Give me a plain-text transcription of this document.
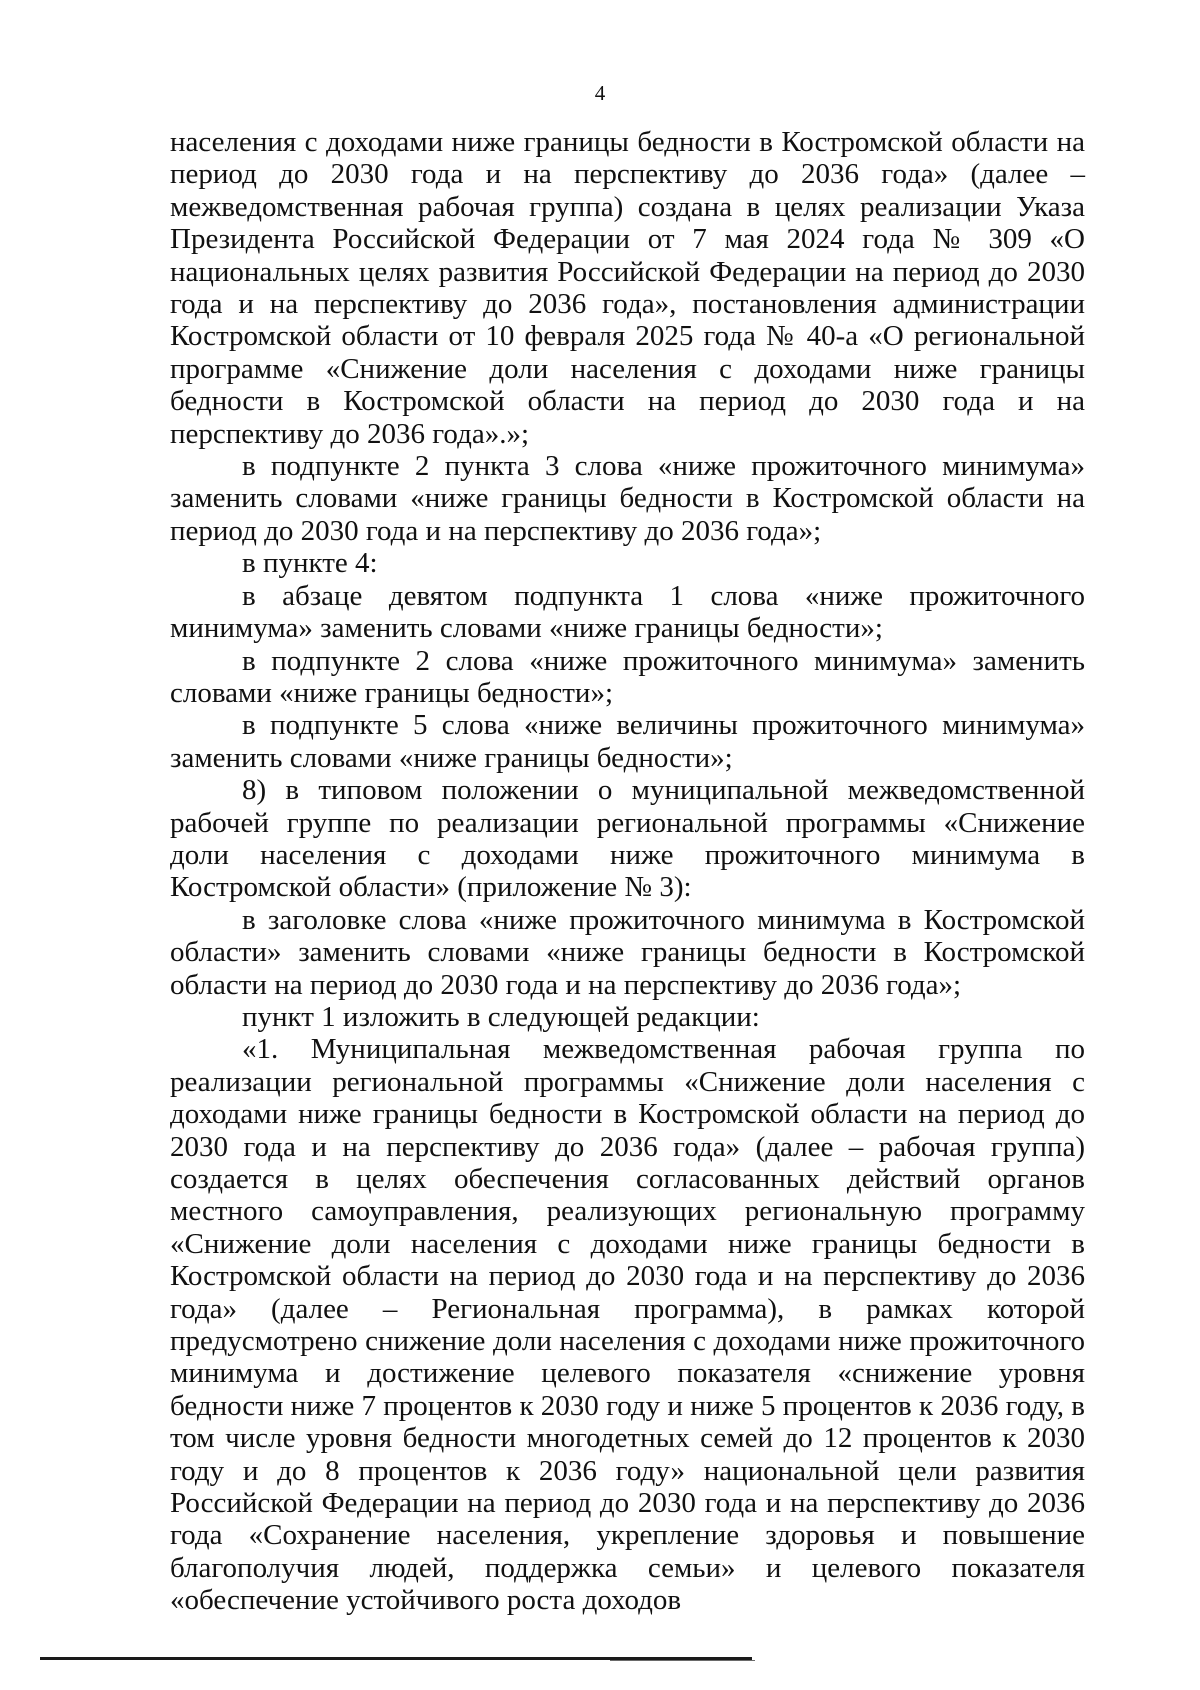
4

населения с доходами ниже границы бедности в Костромской области на период до 2030 года и на перспективу до 2036 года» (далее – межведомственная рабочая группа) создана в целях реализации Указа Президента Российской Федерации от 7 мая 2024 года № 309 «О национальных целях развития Российской Федерации на период до 2030 года и на перспективу до 2036 года», постановления администрации Костромской области от 10 февраля 2025 года № 40-а «О региональной программе «Снижение доли населения с доходами ниже границы бедности в Костромской области на период до 2030 года и на перспективу до 2036 года».»;

в подпункте 2 пункта 3 слова «ниже прожиточного минимума» заменить словами «ниже границы бедности в Костромской области на период до 2030 года и на перспективу до 2036 года»;

в пункте 4:

в абзаце девятом подпункта 1 слова «ниже прожиточного минимума» заменить словами «ниже границы бедности»;

в подпункте 2 слова «ниже прожиточного минимума» заменить словами «ниже границы бедности»;

в подпункте 5 слова «ниже величины прожиточного минимума» заменить словами «ниже границы бедности»;

8) в типовом положении о муниципальной межведомственной рабочей группе по реализации региональной программы «Снижение доли населения с доходами ниже прожиточного минимума в Костромской области» (приложение № 3):

в заголовке слова «ниже прожиточного минимума в Костромской области» заменить словами «ниже границы бедности в Костромской области на период до 2030 года и на перспективу до 2036 года»;

пункт 1 изложить в следующей редакции:

«1. Муниципальная межведомственная рабочая группа по реализации региональной программы «Снижение доли населения с доходами ниже границы бедности в Костромской области на период до 2030 года и на перспективу до 2036 года» (далее – рабочая группа) создается в целях обеспечения согласованных действий органов местного самоуправления, реализующих региональную программу «Снижение доли населения с доходами ниже границы бедности в Костромской области на период до 2030 года и на перспективу до 2036 года» (далее – Региональная программа), в рамках которой предусмотрено снижение доли населения с доходами ниже прожиточного минимума и достижение целевого показателя «снижение уровня бедности ниже 7 процентов к 2030 году и ниже 5 процентов к 2036 году, в том числе уровня бедности многодетных семей до 12 процентов к 2030 году и до 8 процентов к 2036 году» национальной цели развития Российской Федерации на период до 2030 года и на перспективу до 2036 года «Сохранение населения, укрепление здоровья и повышение благополучия людей, поддержка семьи» и целевого показателя «обеспечение устойчивого роста доходов
